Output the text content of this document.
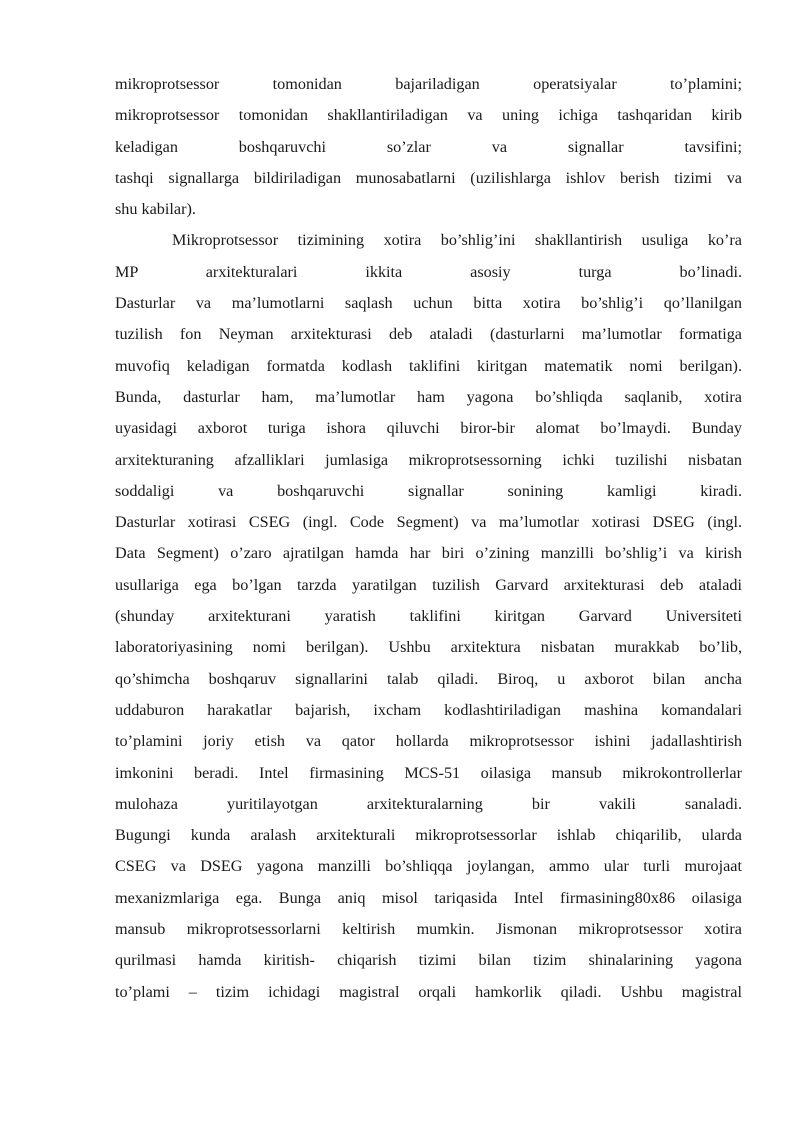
mikroprotsessor tomonidan bajariladigan operatsiyalar to’plamini;
mikroprotsessor tomonidan shakllantiriladigan va uning ichiga tashqaridan kirib
keladigan boshqaruvchi so’zlar va signallar tavsifini;
tashqi signallarga bildiriladigan munosabatlarni (uzilishlarga ishlov berish tizimi va
shu kabilar).
Mikroprotsessor tizimining xotira bo’shlig’ini shakllantirish usuliga ko’ra
MP arxitekturalari ikkita asosiy turga bo’linadi.
Dasturlar va ma’lumotlarni saqlash uchun bitta xotira bo’shlig’i qo’llanilgan
tuzilish fon Neyman arxitekturasi deb ataladi (dasturlarni ma’lumotlar formatiga
muvofiq keladigan formatda kodlash taklifini kiritgan matematik nomi berilgan).
Bunda, dasturlar ham, ma’lumotlar ham yagona bo’shliqda saqlanib, xotira
uyasidagi axborot turiga ishora qiluvchi biror-bir alomat bo’lmaydi. Bunday
arxitekturaning afzalliklari jumlasiga mikroprotsessorning ichki tuzilishi nisbatan
soddaligi va boshqaruvchi signallar sonining kamligi kiradi.
Dasturlar xotirasi CSEG (ingl. Code Segment) va ma’lumotlar xotirasi DSEG (ingl.
Data Segment) o’zaro ajratilgan hamda har biri o’zining manzilli bo’shlig’i va kirish
usullariga ega bo’lgan tarzda yaratilgan tuzilish Garvard arxitekturasi deb ataladi
(shunday arxitekturani yaratish taklifini kiritgan Garvard Universiteti
laboratoriyasining nomi berilgan). Ushbu arxitektura nisbatan murakkab bo’lib,
qo’shimcha boshqaruv signallarini talab qiladi. Biroq, u axborot bilan ancha
uddaburon harakatlar bajarish, ixcham kodlashtiriladigan mashina komandalari
to’plamini joriy etish va qator hollarda mikroprotsessor ishini jadallashtirish
imkonini beradi. Intel firmasining MCS-51 oilasiga mansub mikrokontrollerlar
mulohaza yuritilayotgan arxitekturalarning bir vakili sanaladi.
Bugungi kunda aralash arxitekturali mikroprotsessorlar ishlab chiqarilib, ularda
CSEG va DSEG yagona manzilli bo’shliqqa joylangan, ammo ular turli murojaat
mexanizmlariga ega. Bunga aniq misol tariqasida Intel firmasining80x86 oilasiga
mansub mikroprotsessorlarni keltirish mumkin. Jismonan mikroprotsessor xotira
qurilmasi hamda kiritish- chiqarish tizimi bilan tizim shinalarining yagona
to’plami – tizim ichidagi magistral orqali hamkorlik qiladi. Ushbu magistral
